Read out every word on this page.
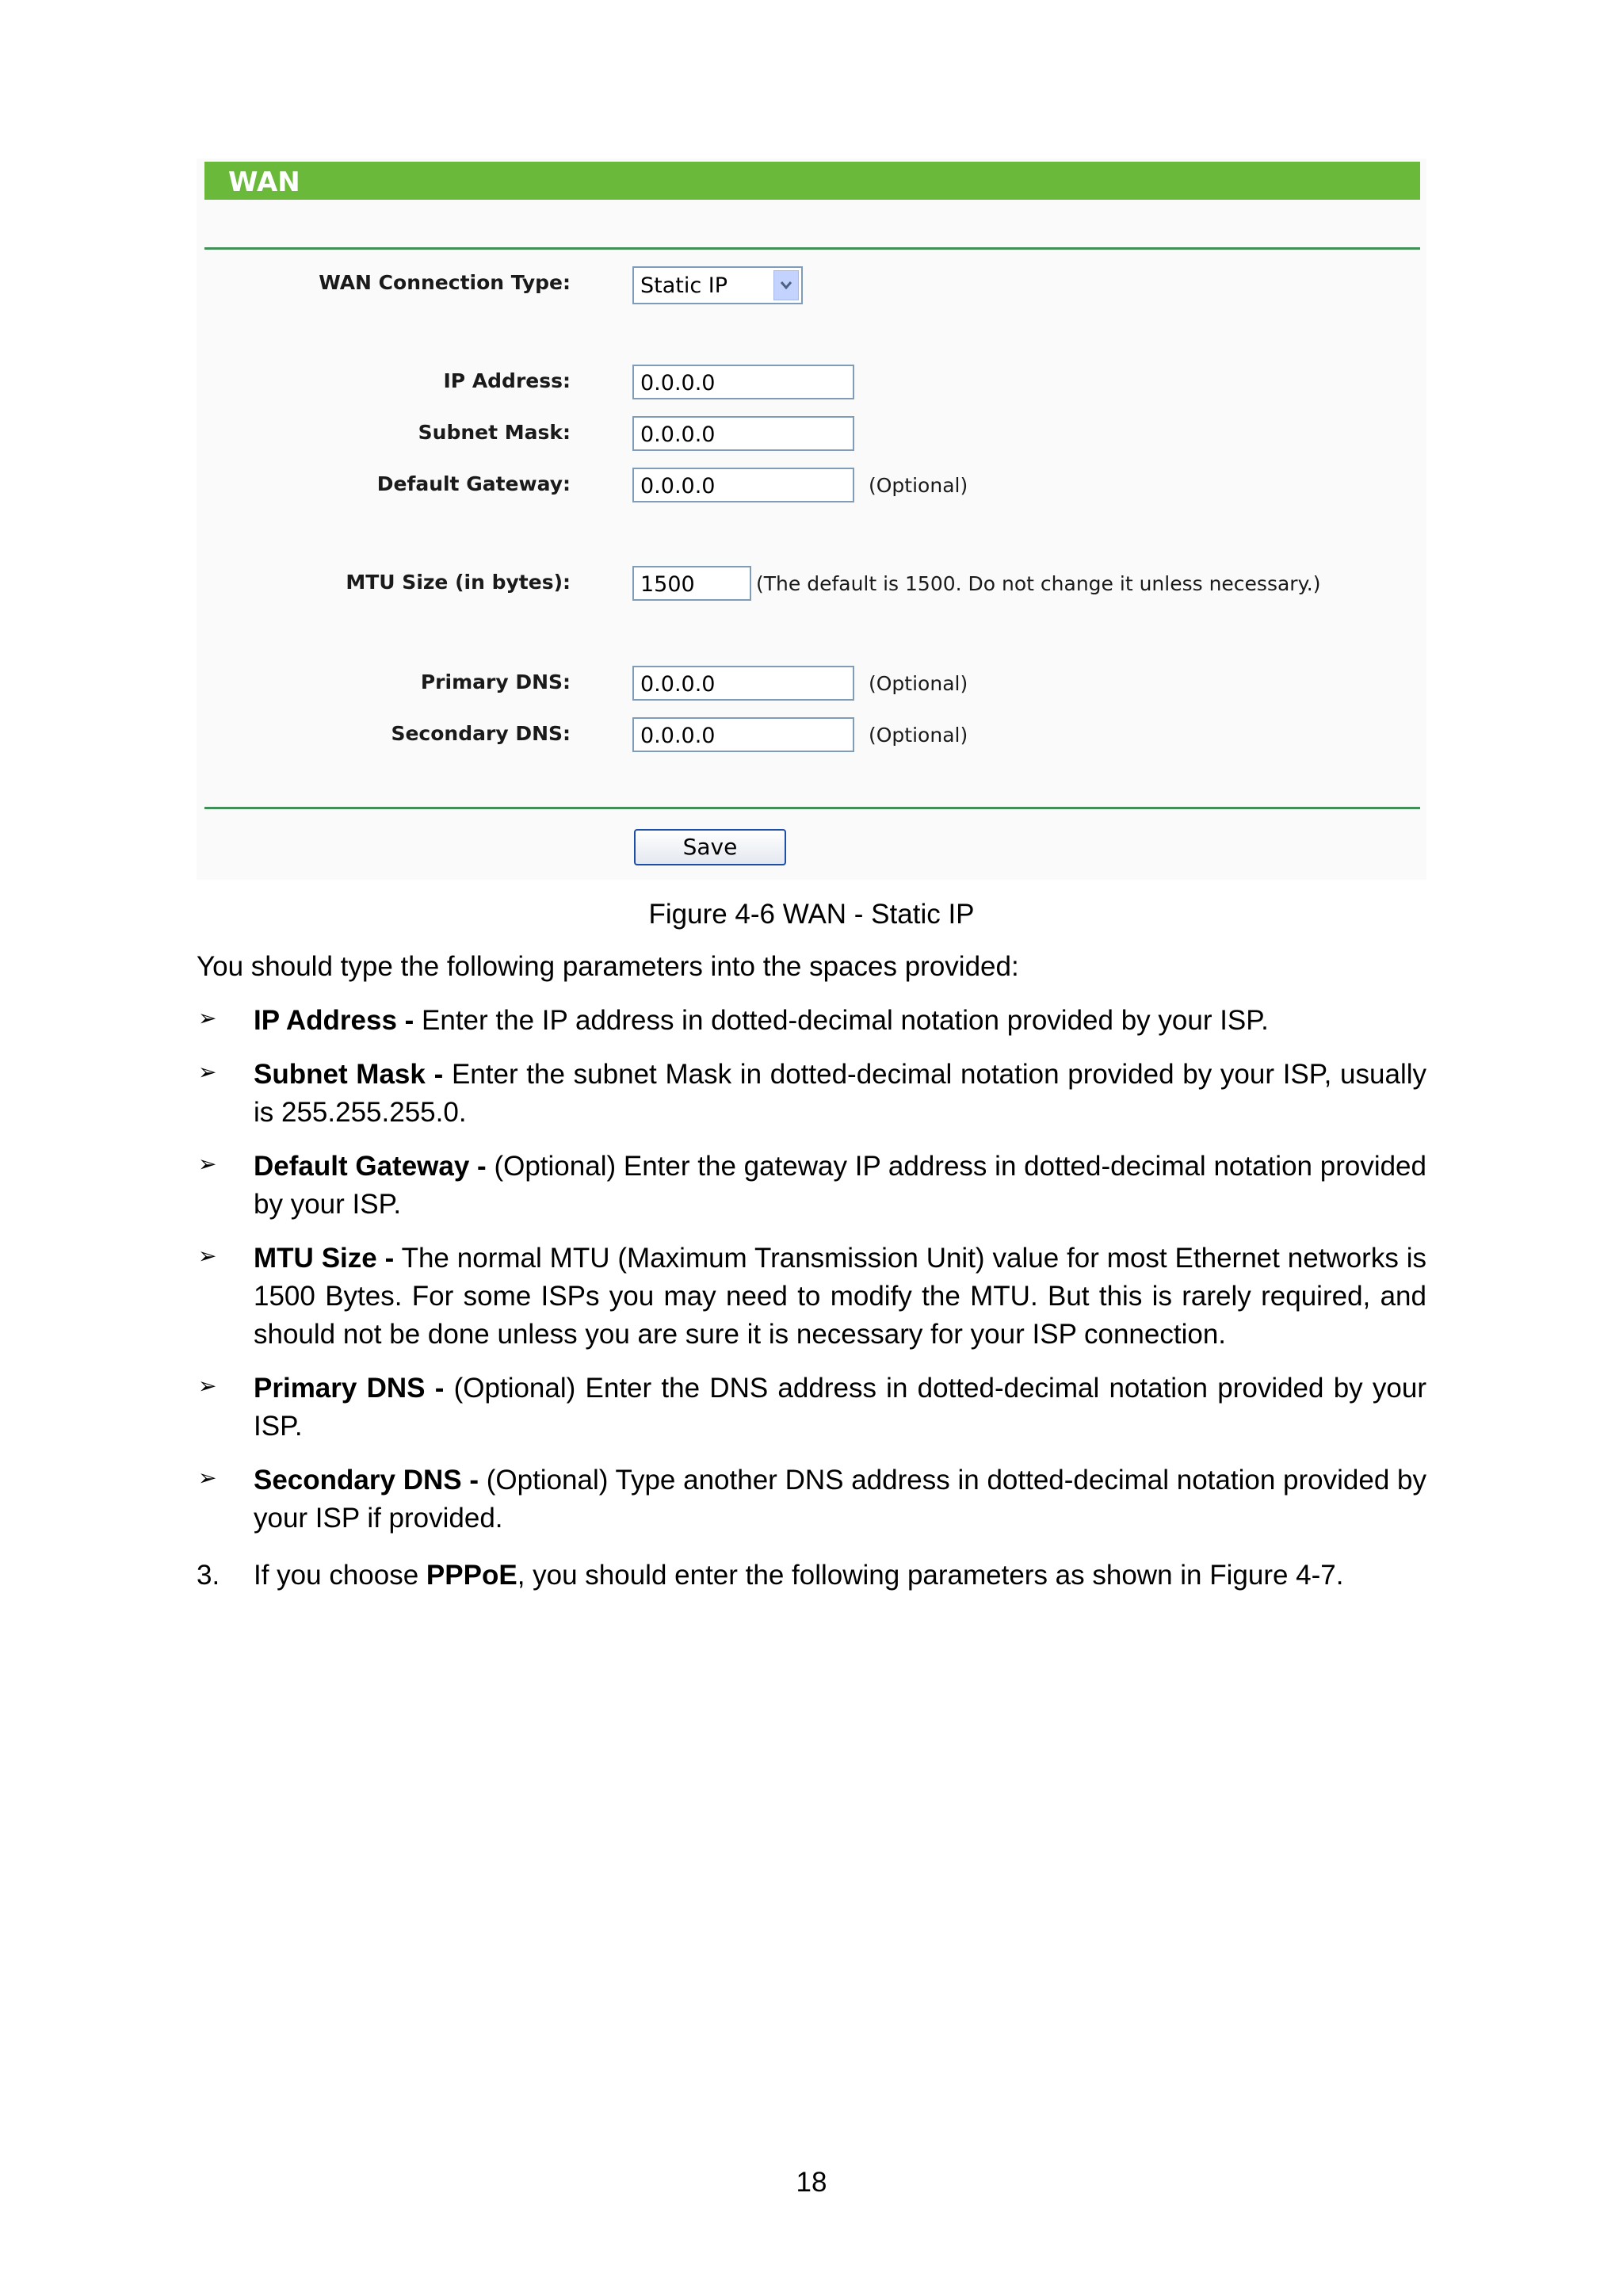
WAN
WAN Connection Type:	Static IP
IP Address:	0.0.0.0
Subnet Mask:	0.0.0.0
Default Gateway:	0.0.0.0	(Optional)
MTU Size (in bytes):	1500	(The default is 1500. Do not change it unless necessary.)
Primary DNS:	0.0.0.0	(Optional)
Secondary DNS:	0.0.0.0	(Optional)
Save
Figure 4-6 WAN - Static IP
You should type the following parameters into the spaces provided:
➢ IP Address - Enter the IP address in dotted-decimal notation provided by your ISP.
➢ Subnet Mask - Enter the subnet Mask in dotted-decimal notation provided by your ISP, usually is 255.255.255.0.
➢ Default Gateway - (Optional) Enter the gateway IP address in dotted-decimal notation provided by your ISP.
➢ MTU Size - The normal MTU (Maximum Transmission Unit) value for most Ethernet networks is 1500 Bytes. For some ISPs you may need to modify the MTU. But this is rarely required, and should not be done unless you are sure it is necessary for your ISP connection.
➢ Primary DNS - (Optional) Enter the DNS address in dotted-decimal notation provided by your ISP.
➢ Secondary DNS - (Optional) Type another DNS address in dotted-decimal notation provided by your ISP if provided.
3. If you choose PPPoE, you should enter the following parameters as shown in Figure 4-7.
18
